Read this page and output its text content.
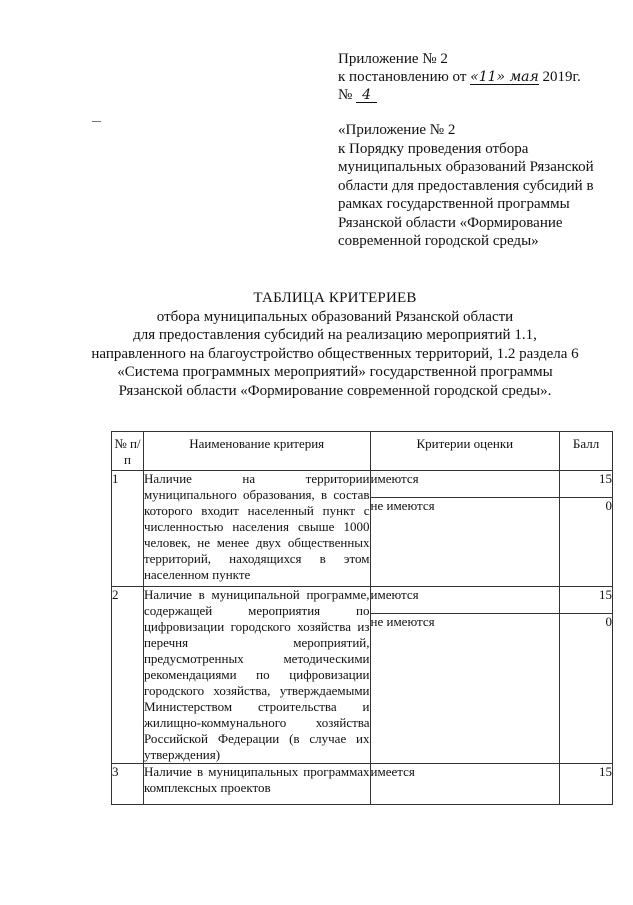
Приложение № 2
к постановлению от «11» мая 2019г.
№ 4
«Приложение № 2
к Порядку проведения отбора
муниципальных образований Рязанской
области для предоставления субсидий в
рамках государственной программы
Рязанской области «Формирование
современной городской среды»
ТАБЛИЦА КРИТЕРИЕВ
отбора муниципальных образований Рязанской области
для предоставления субсидий на реализацию мероприятий 1.1,
направленного на благоустройство общественных территорий, 1.2 раздела 6
«Система программных мероприятий» государственной программы
Рязанской области «Формирование современной городской среды».
№ п/п	Наименование критерия	Критерии оценки	Балл
1	Наличие на территории муниципального образования, в состав которого входит населенный пункт с численностью населения свыше 1000 человек, не менее двух общественных территорий, находящихся в этом населенном пункте	имеются	15
		не имеются	0
2	Наличие в муниципальной программе, содержащей мероприятия по цифровизации городского хозяйства из перечня мероприятий, предусмотренных методическими рекомендациями по цифровизации городского хозяйства, утверждаемыми Министерством строительства и жилищно-коммунального хозяйства Российской Федерации (в случае их утверждения)	имеются	15
		не имеются	0
3	Наличие в муниципальных программах комплексных проектов	имеется	15
